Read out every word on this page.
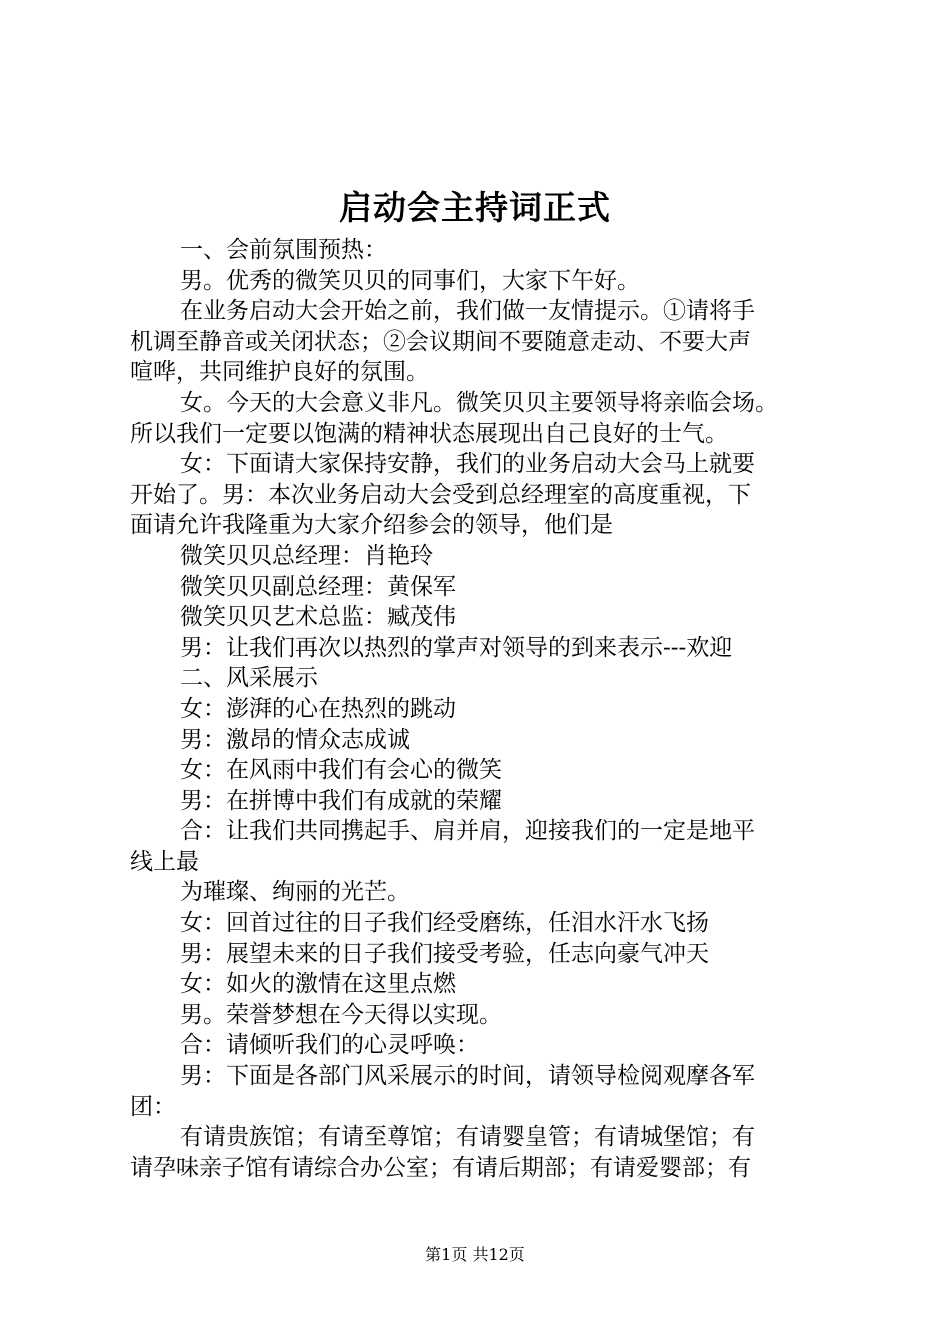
启动会主持词正式
一、会前氛围预热：
男。优秀的微笑贝贝的同事们，大家下午好。
在业务启动大会开始之前，我们做一友情提示。①请将手
机调至静音或关闭状态；②会议期间不要随意走动、不要大声
喧哗，共同维护良好的氛围。
女。今天的大会意义非凡。微笑贝贝主要领导将亲临会场。
所以我们一定要以饱满的精神状态展现出自己良好的士气。
女：下面请大家保持安静，我们的业务启动大会马上就要
开始了。男：本次业务启动大会受到总经理室的高度重视，下
面请允许我隆重为大家介绍参会的领导，他们是
微笑贝贝总经理：肖艳玲
微笑贝贝副总经理：黄保军
微笑贝贝艺术总监：臧茂伟
男：让我们再次以热烈的掌声对领导的到来表示---欢迎
二、风采展示
女：澎湃的心在热烈的跳动
男：激昂的情众志成诚
女：在风雨中我们有会心的微笑
男：在拼博中我们有成就的荣耀
合：让我们共同携起手、肩并肩，迎接我们的一定是地平
线上最
为璀璨、绚丽的光芒。
女：回首过往的日子我们经受磨练，任泪水汗水飞扬
男：展望未来的日子我们接受考验，任志向豪气冲天
女：如火的激情在这里点燃
男。荣誉梦想在今天得以实现。
合：请倾听我们的心灵呼唤：
男：下面是各部门风采展示的时间，请领导检阅观摩各军
团：
有请贵族馆；有请至尊馆；有请婴皇管；有请城堡馆；有
请孕味亲子馆有请综合办公室；有请后期部；有请爱婴部；有
第1页 共12页
